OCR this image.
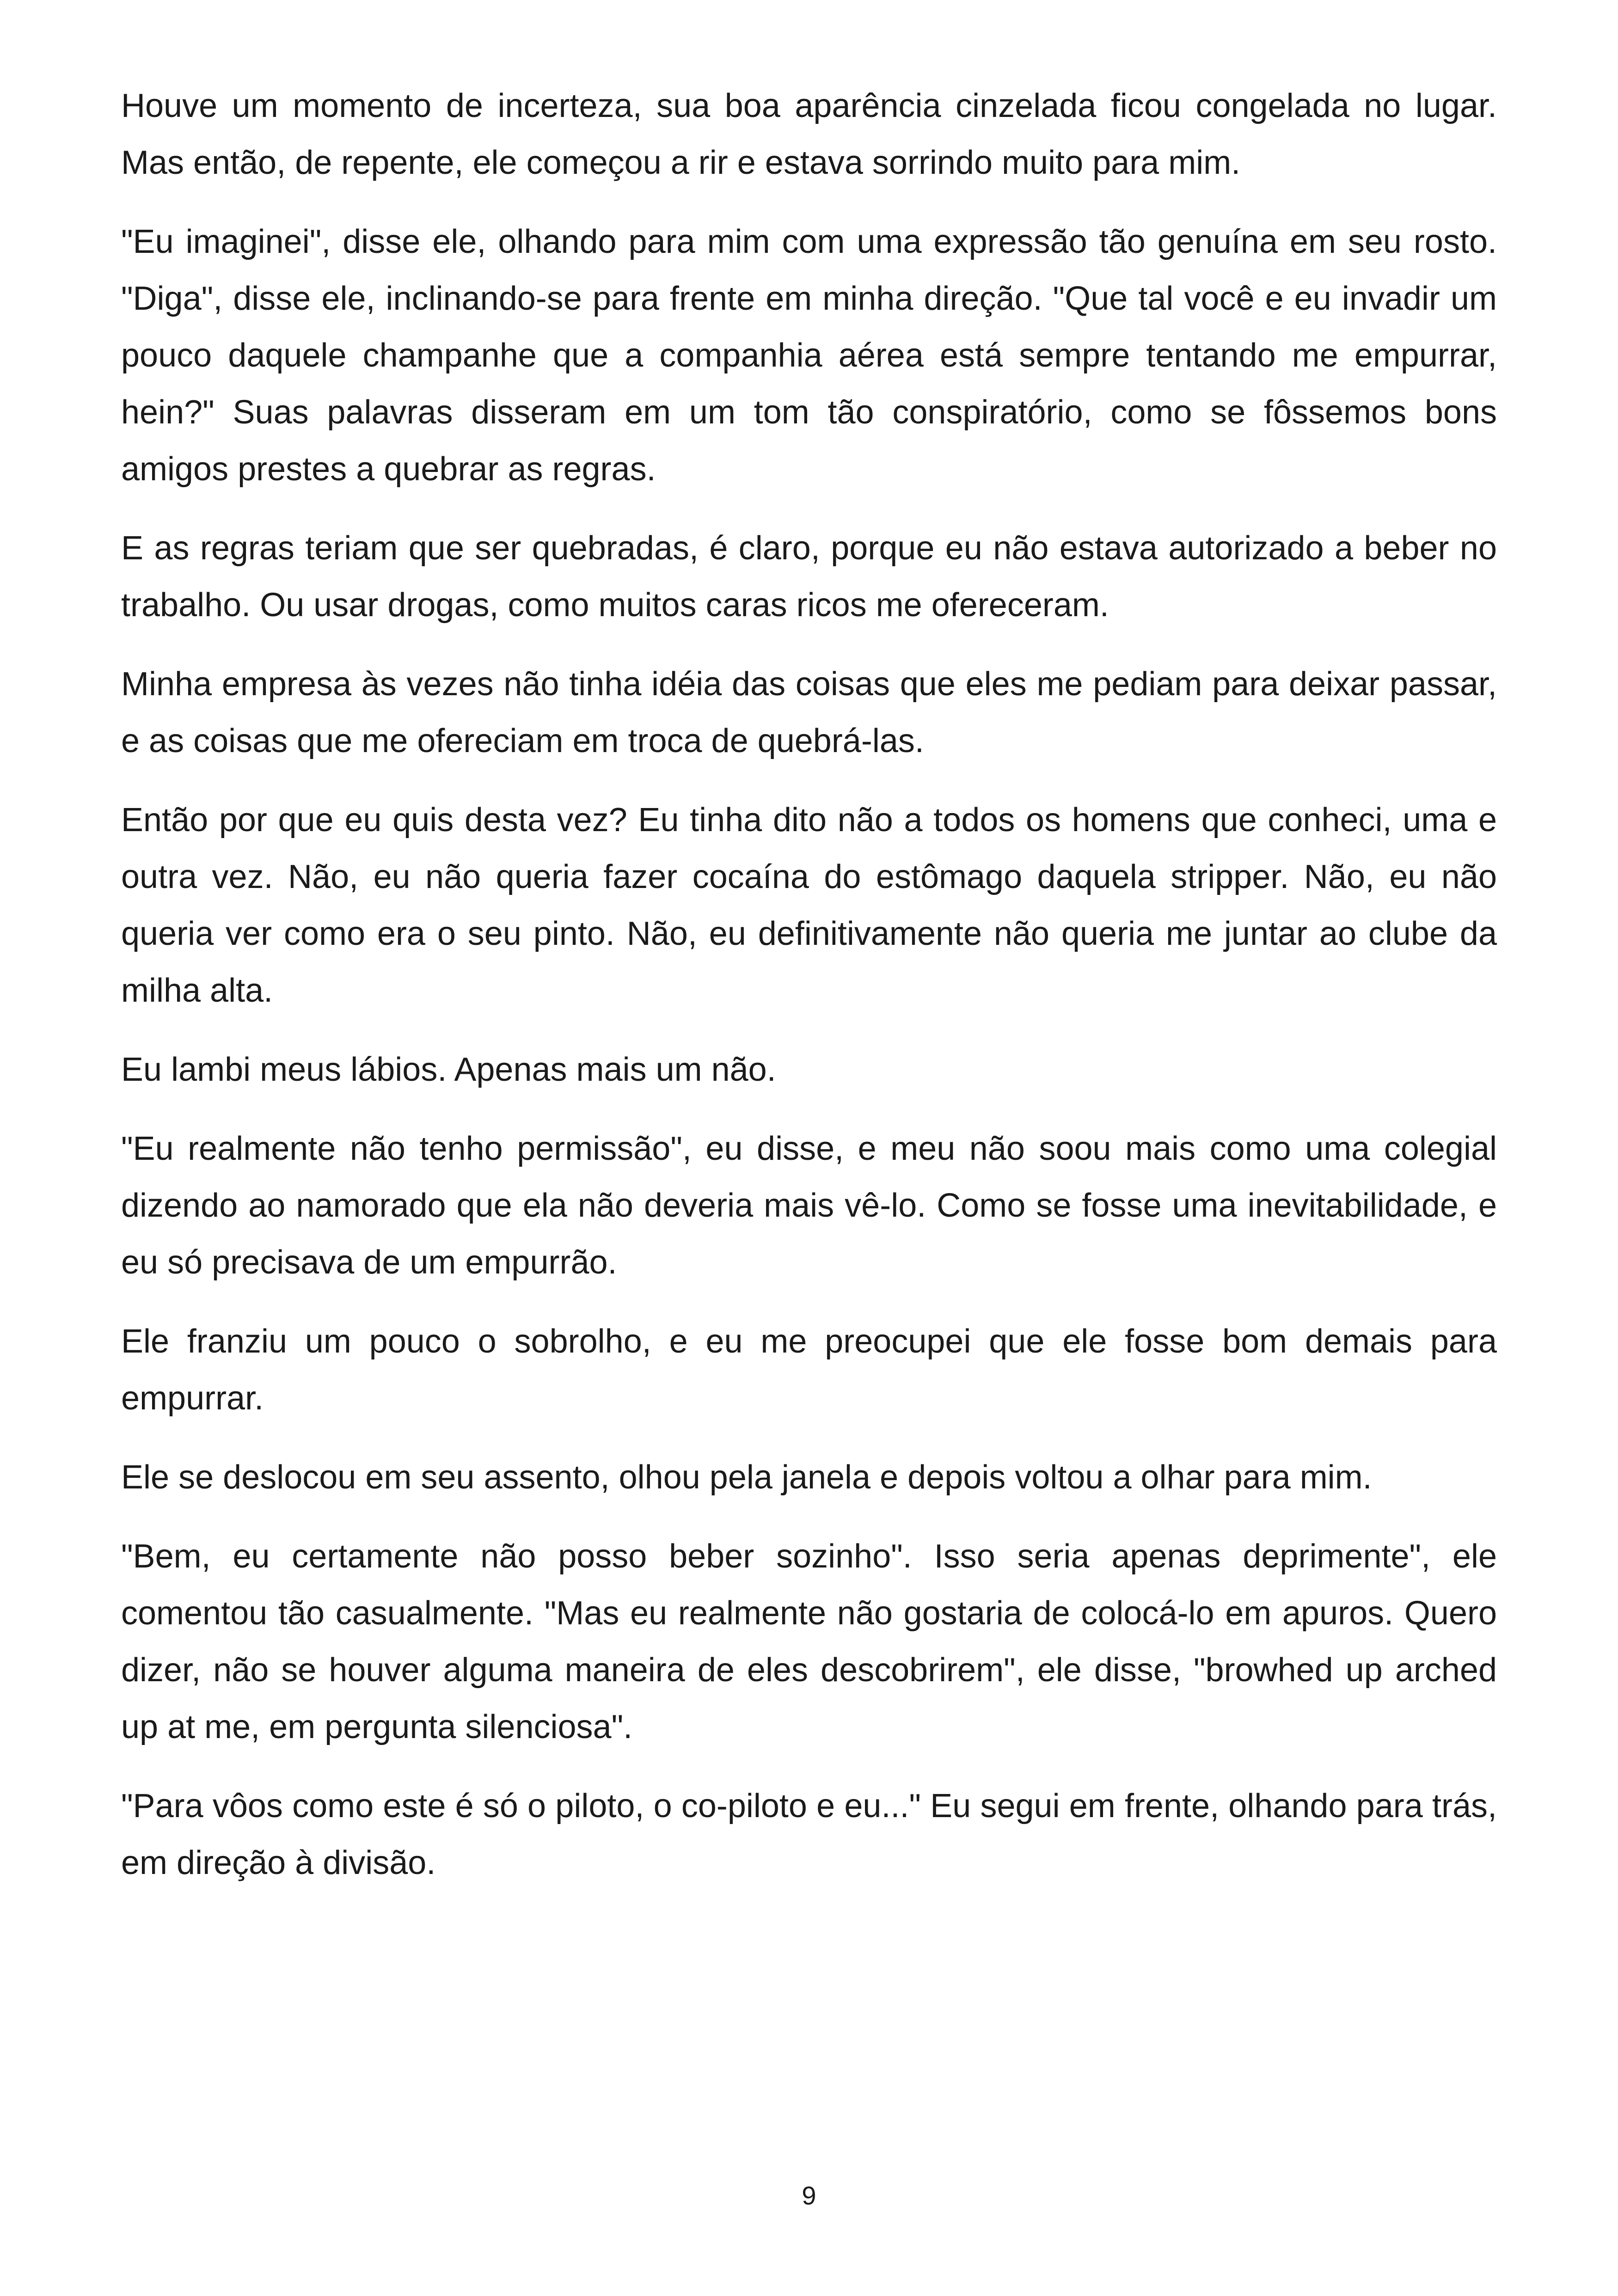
Houve um momento de incerteza, sua boa aparência cinzelada ficou congelada no lugar. Mas então, de repente, ele começou a rir e estava sorrindo muito para mim.

"Eu imaginei", disse ele, olhando para mim com uma expressão tão genuína em seu rosto. "Diga", disse ele, inclinando-se para frente em minha direção. "Que tal você e eu invadir um pouco daquele champanhe que a companhia aérea está sempre tentando me empurrar, hein?" Suas palavras disseram em um tom tão conspiratório, como se fôssemos bons amigos prestes a quebrar as regras.

E as regras teriam que ser quebradas, é claro, porque eu não estava autorizado a beber no trabalho. Ou usar drogas, como muitos caras ricos me ofereceram.

Minha empresa às vezes não tinha idéia das coisas que eles me pediam para deixar passar, e as coisas que me ofereciam em troca de quebrá-las.

Então por que eu quis desta vez? Eu tinha dito não a todos os homens que conheci, uma e outra vez. Não, eu não queria fazer cocaína do estômago daquela stripper. Não, eu não queria ver como era o seu pinto. Não, eu definitivamente não queria me juntar ao clube da milha alta.

Eu lambi meus lábios. Apenas mais um não.

"Eu realmente não tenho permissão", eu disse, e meu não soou mais como uma colegial dizendo ao namorado que ela não deveria mais vê-lo. Como se fosse uma inevitabilidade, e eu só precisava de um empurrão.

Ele franziu um pouco o sobrolho, e eu me preocupei que ele fosse bom demais para empurrar.

Ele se deslocou em seu assento, olhou pela janela e depois voltou a olhar para mim.

"Bem, eu certamente não posso beber sozinho". Isso seria apenas deprimente", ele comentou tão casualmente. "Mas eu realmente não gostaria de colocá-lo em apuros. Quero dizer, não se houver alguma maneira de eles descobrirem", ele disse, "browhed up arched up at me, em pergunta silenciosa".

"Para vôos como este é só o piloto, o co-piloto e eu..." Eu segui em frente, olhando para trás, em direção à divisão.

9
